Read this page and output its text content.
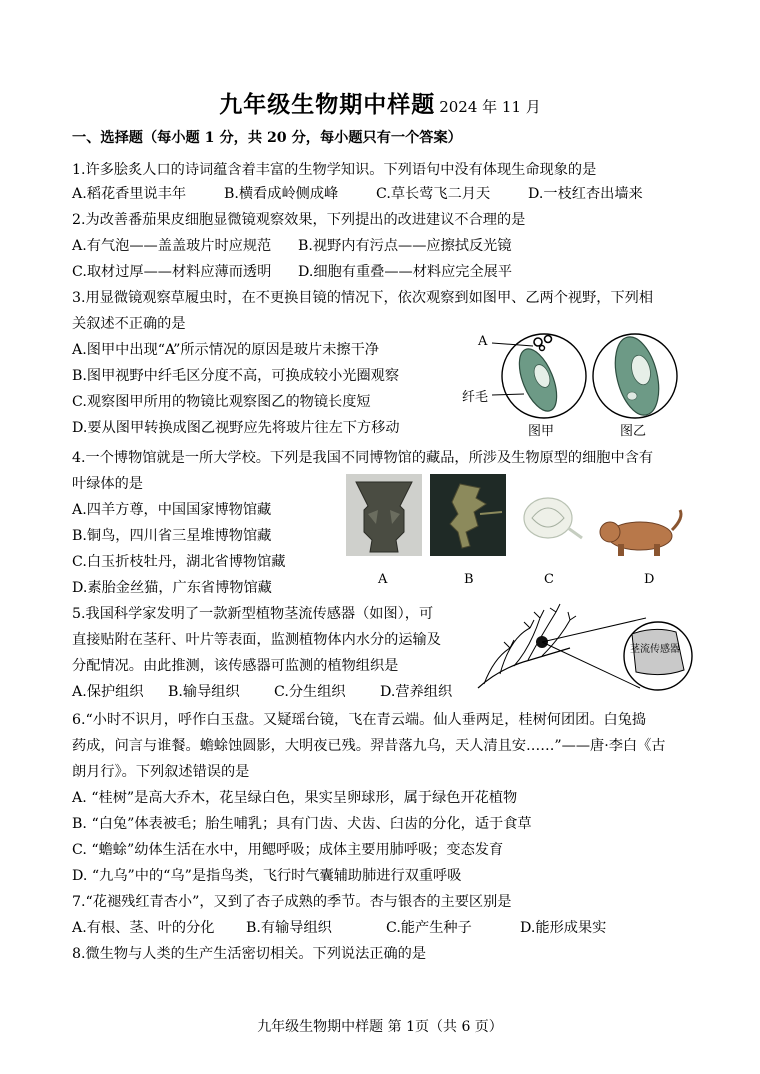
九年级生物期中样题 2024 年 11 月
一、选择题（每小题 1 分，共 20 分，每小题只有一个答案）
1.许多脍炙人口的诗词蕴含着丰富的生物学知识。下列语句中没有体现生命现象的是
A.稻花香里说丰年	B.横看成岭侧成峰	C.草长莺飞二月天	D.一枝红杏出墙来
2.为改善番茄果皮细胞显微镜观察效果，下列提出的改进建议不合理的是
A.有气泡——盖盖玻片时应规范 B.视野内有污点——应擦拭反光镜
C.取材过厚——材料应薄而透明 D.细胞有重叠——材料应完全展平
3.用显微镜观察草履虫时，在不更换目镜的情况下，依次观察到如图甲、乙两个视野，下列相
关叙述不正确的是
A.图甲中出现“A”所示情况的原因是玻片未擦干净
B.图甲视野中纤毛区分度不高，可换成较小光圈观察
C.观察图甲所用的物镜比观察图乙的物镜长度短
D.要从图甲转换成图乙视野应先将玻片往左下方移动
A
纤毛
图甲	图乙
4.一个博物馆就是一所大学校。下列是我国不同博物馆的藏品，所涉及生物原型的细胞中含有
叶绿体的是
A.四羊方尊，中国国家博物馆藏
B.铜鸟，四川省三星堆博物馆藏
C.白玉折枝牡丹，湖北省博物馆藏
D.素胎金丝猫，广东省博物馆藏
A	B	C	D
5.我国科学家发明了一款新型植物茎流传感器（如图），可
直接贴附在茎秆、叶片等表面，监测植物体内水分的运输及
分配情况。由此推测，该传感器可监测的植物组织是
A.保护组织 B.输导组织 C.分生组织 D.营养组织
茎流传感器
6.“小时不识月，呼作白玉盘。又疑瑶台镜，飞在青云端。仙人垂两足，桂树何团团。白兔捣
药成，问言与谁餐。蟾蜍蚀圆影，大明夜已残。羿昔落九乌，天人清且安……”——唐·李白《古
朗月行》。下列叙述错误的是
A. “桂树”是高大乔木，花呈绿白色，果实呈卵球形，属于绿色开花植物
B. “白兔”体表被毛；胎生哺乳；具有门齿、犬齿、臼齿的分化，适于食草
C. “蟾蜍”幼体生活在水中，用鳃呼吸；成体主要用肺呼吸；变态发育
D. “九乌”中的“乌”是指鸟类，飞行时气囊辅助肺进行双重呼吸
7.“花褪残红青杏小”，又到了杏子成熟的季节。杏与银杏的主要区别是
A.有根、茎、叶的分化 B.有输导组织	C.能产生种子	D.能形成果实
8.微生物与人类的生产生活密切相关。下列说法正确的是
九年级生物期中样题 第 1页（共 6 页）
